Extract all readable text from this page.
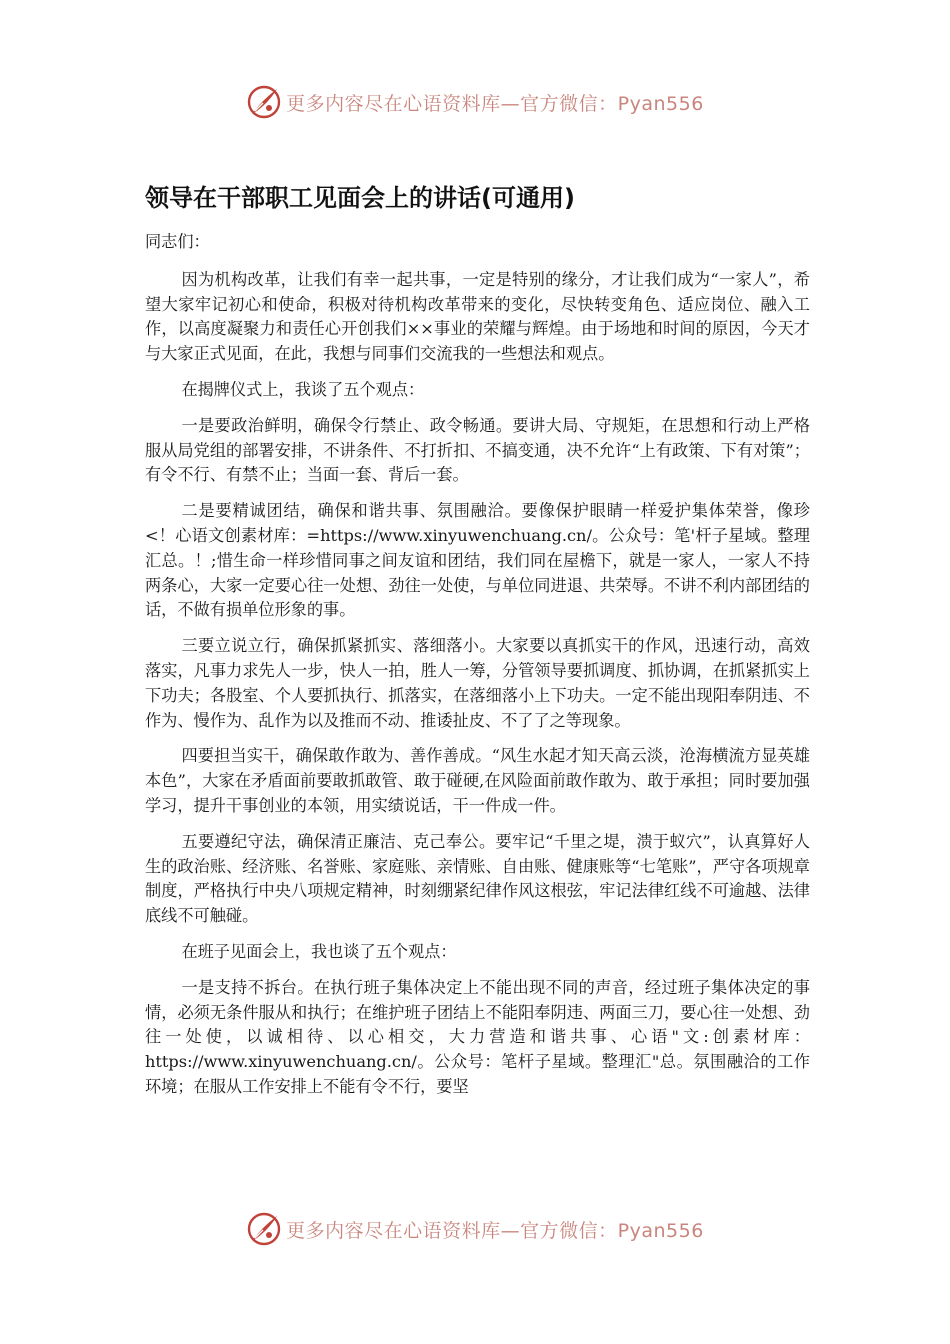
更多内容尽在心语资料库—官方微信：Pyan556
领导在干部职工见面会上的讲话(可通用)

同志们：

因为机构改革，让我们有幸一起共事，一定是特别的缘分，才让我们成为“一家人”，希望大家牢记初心和使命，积极对待机构改革带来的变化，尽快转变角色、适应岗位、融入工作，以高度凝聚力和责任心开创我们××事业的荣耀与辉煌。由于场地和时间的原因，今天才与大家正式见面，在此，我想与同事们交流我的一些想法和观点。

在揭牌仪式上，我谈了五个观点：

一是要政治鲜明，确保令行禁止、政令畅通。要讲大局、守规矩，在思想和行动上严格服从局党组的部署安排，不讲条件、不打折扣、不搞变通，决不允许“上有政策、下有对策”；有令不行、有禁不止；当面一套、背后一套。

二是要精诚团结，确保和谐共事、氛围融洽。要像保护眼睛一样爱护集体荣誉，像珍<！心语文创素材库：=https://www.xinyuwenchuang.cn/。公众号：笔'杆子星域。整理汇总。！;惜生命一样珍惜同事之间友谊和团结，我们同在屋檐下，就是一家人，一家人不持两条心，大家一定要心往一处想、劲往一处使，与单位同进退、共荣辱。不讲不利内部团结的话，不做有损单位形象的事。

三要立说立行，确保抓紧抓实、落细落小。大家要以真抓实干的作风，迅速行动，高效落实，凡事力求先人一步，快人一拍，胜人一筹，分管领导要抓调度、抓协调，在抓紧抓实上下功夫；各股室、个人要抓执行、抓落实，在落细落小上下功夫。一定不能出现阳奉阴违、不作为、慢作为、乱作为以及推而不动、推诿扯皮、不了了之等现象。

四要担当实干，确保敢作敢为、善作善成。“风生水起才知天高云淡，沧海横流方显英雄本色”，大家在矛盾面前要敢抓敢管、敢于碰硬,在风险面前敢作敢为、敢于承担；同时要加强学习，提升干事创业的本领，用实绩说话，干一件成一件。

五要遵纪守法，确保清正廉洁、克己奉公。要牢记“千里之堤，溃于蚁穴”，认真算好人生的政治账、经济账、名誉账、家庭账、亲情账、自由账、健康账等“七笔账”，严守各项规章制度，严格执行中央八项规定精神，时刻绷紧纪律作风这根弦，牢记法律红线不可逾越、法律底线不可触碰。

在班子见面会上，我也谈了五个观点：

一是支持不拆台。在执行班子集体决定上不能出现不同的声音，经过班子集体决定的事情，必须无条件服从和执行；在维护班子团结上不能阳奉阴违、两面三刀，要心往一处想、劲往一处使，以诚相待、以心相交，大力营造和谐共事、心语"文:创素材库：https://www.xinyuwenchuang.cn/。公众号：笔杆子星域。整理汇"总。氛围融洽的工作环境；在服从工作安排上不能有令不行，要坚

更多内容尽在心语资料库—官方微信：Pyan556
